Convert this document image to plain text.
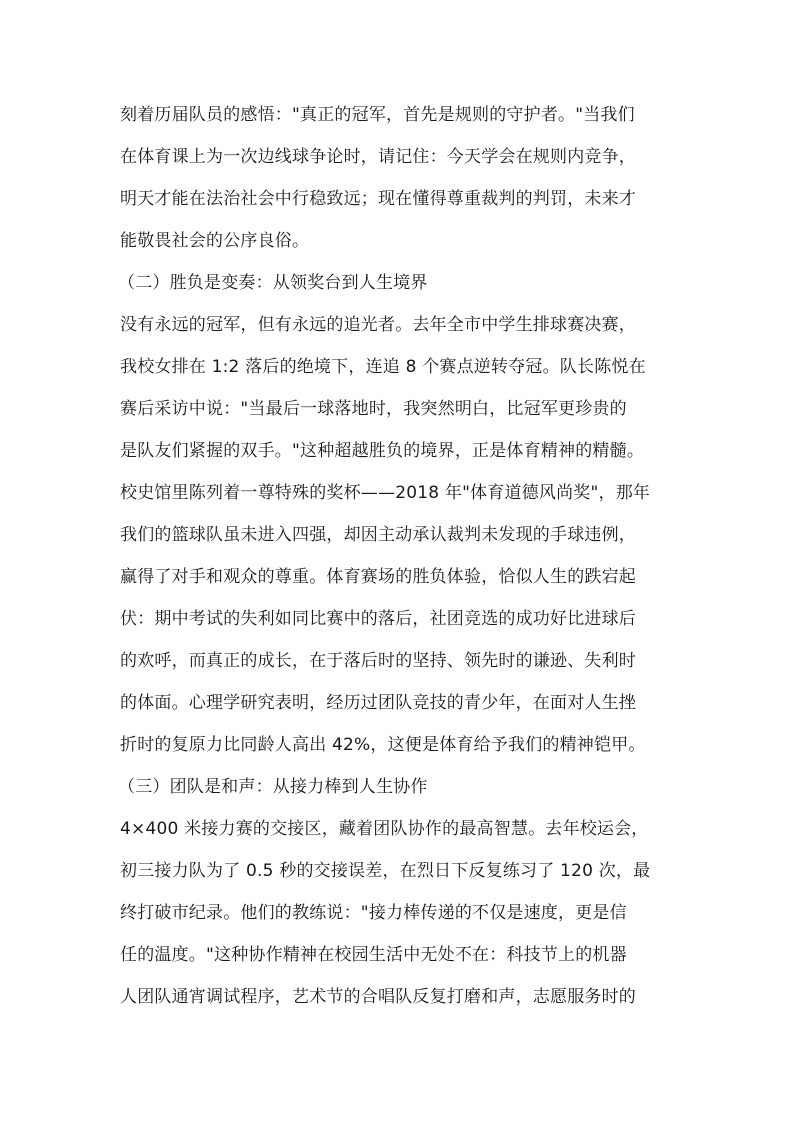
刻着历届队员的感悟："真正的冠军，首先是规则的守护者。"当我们
在体育课上为一次边线球争论时，请记住：今天学会在规则内竞争，
明天才能在法治社会中行稳致远；现在懂得尊重裁判的判罚，未来才
能敬畏社会的公序良俗。
（二）胜负是变奏：从领奖台到人生境界
没有永远的冠军，但有永远的追光者。去年全市中学生排球赛决赛，
我校女排在 1:2 落后的绝境下，连追 8 个赛点逆转夺冠。队长陈悦在
赛后采访中说："当最后一球落地时，我突然明白，比冠军更珍贵的
是队友们紧握的双手。"这种超越胜负的境界，正是体育精神的精髓。
校史馆里陈列着一尊特殊的奖杯——2018 年"体育道德风尚奖"，那年
我们的篮球队虽未进入四强，却因主动承认裁判未发现的手球违例，
赢得了对手和观众的尊重。体育赛场的胜负体验，恰似人生的跌宕起
伏：期中考试的失利如同比赛中的落后，社团竞选的成功好比进球后
的欢呼，而真正的成长，在于落后时的坚持、领先时的谦逊、失利时
的体面。心理学研究表明，经历过团队竞技的青少年，在面对人生挫
折时的复原力比同龄人高出 42%，这便是体育给予我们的精神铠甲。
（三）团队是和声：从接力棒到人生协作
4×400 米接力赛的交接区，藏着团队协作的最高智慧。去年校运会，
初三接力队为了 0.5 秒的交接误差，在烈日下反复练习了 120 次，最
终打破市纪录。他们的教练说："接力棒传递的不仅是速度，更是信
任的温度。"这种协作精神在校园生活中无处不在：科技节上的机器
人团队通宵调试程序，艺术节的合唱队反复打磨和声，志愿服务时的
